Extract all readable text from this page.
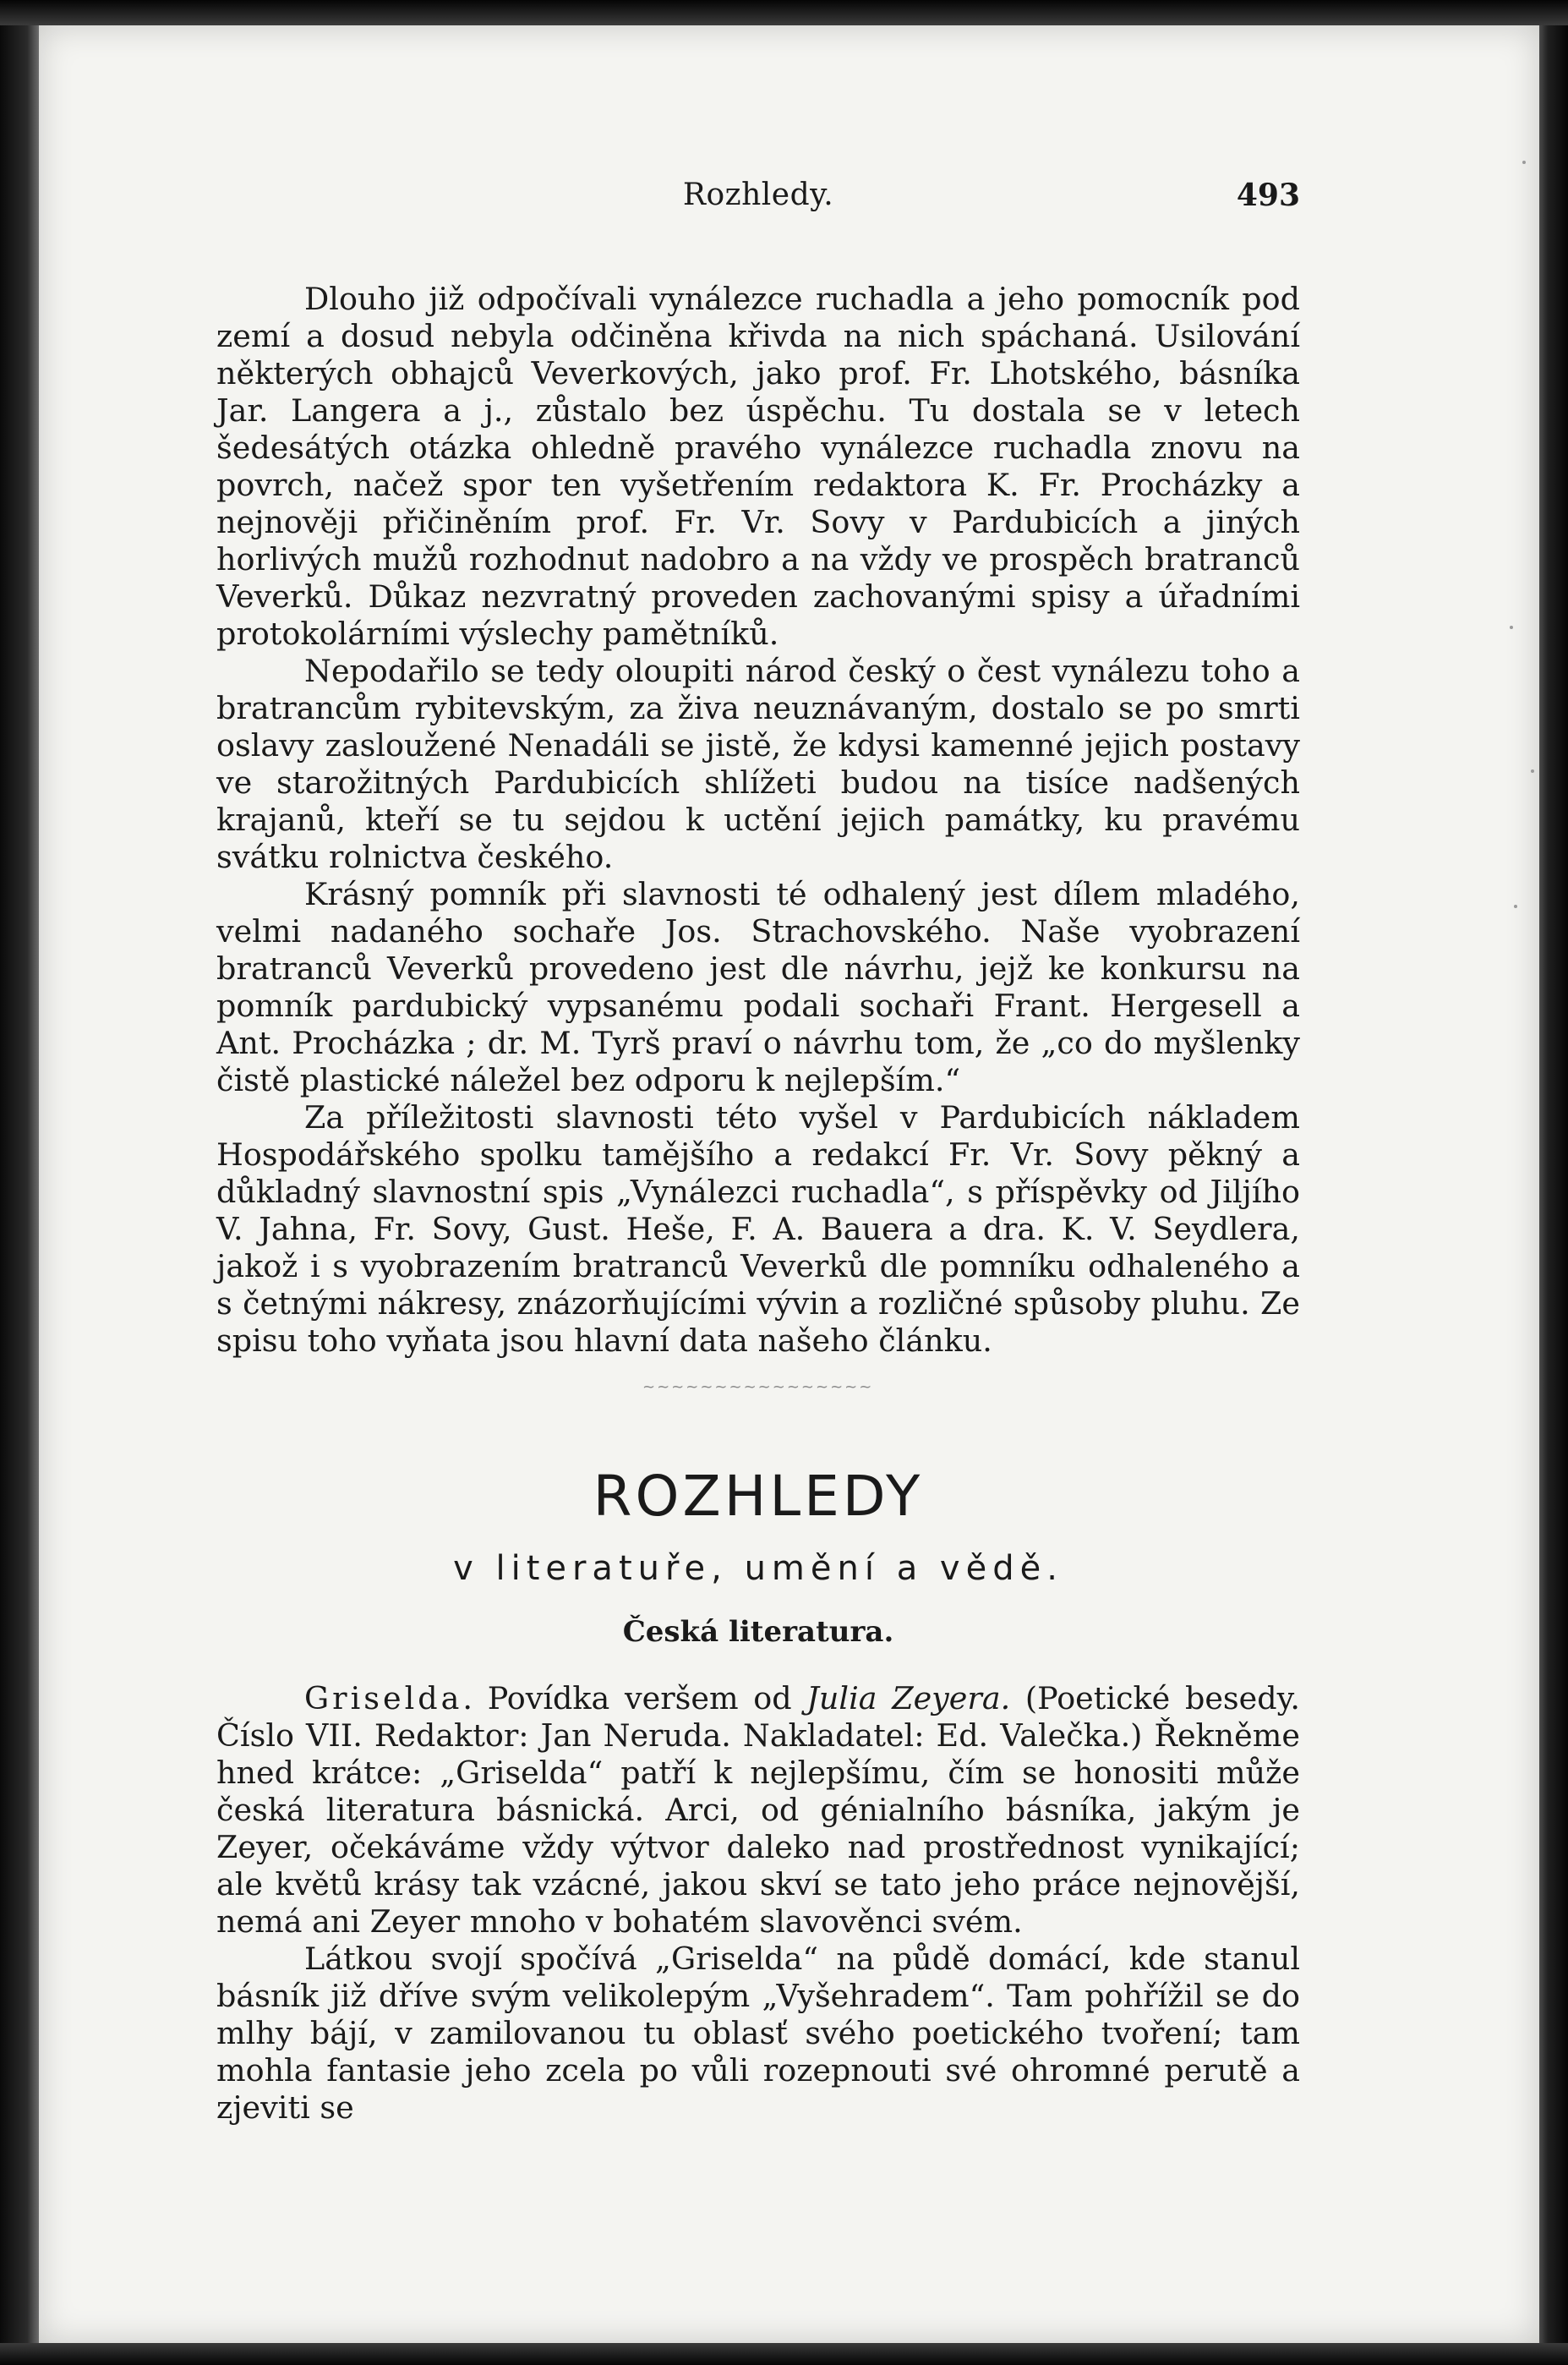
Rozhledy.	493

Dlouho již odpočívali vynálezce ruchadla a jeho pomocník pod zemí a dosud nebyla odčiněna křivda na nich spáchaná. Usilování některých obhajců Veverkových, jako prof. Fr. Lhotského, básníka Jar. Langera a j., zůstalo bez úspěchu. Tu dostala se v letech šedesátých otázka ohledně pravého vynálezce ruchadla znovu na povrch, načež spor ten vyšetřením redaktora K. Fr. Procházky a nejnověji přičiněním prof. Fr. Vr. Sovy v Pardubicích a jiných horlivých mužů rozhodnut nadobro a na vždy ve prospěch bratranců Veverků. Důkaz nezvratný proveden zachovanými spisy a úřadními protokolárními výslechy pamětníků.

Nepodařilo se tedy oloupiti národ český o čest vynálezu toho a bratrancům rybitevským, za živa neuznávaným, dostalo se po smrti oslavy zasloužené Nenadáli se jistě, že kdysi kamenné jejich postavy ve starožitných Pardubicích shlížeti budou na tisíce nadšených krajanů, kteří se tu sejdou k uctění jejich památky, ku pravému svátku rolnictva českého.

Krásný pomník při slavnosti té odhalený jest dílem mladého, velmi nadaného sochaře Jos. Strachovského. Naše vyobrazení bratranců Veverků provedeno jest dle návrhu, jejž ke konkursu na pomník pardubický vypsanému podali sochaři Frant. Hergesell a Ant. Procházka ; dr. M. Tyrš praví o návrhu tom, že „co do myšlenky čistě plastické náležel bez odporu k nejlepším.“

Za příležitosti slavnosti této vyšel v Pardubicích nákladem Hospodářského spolku tamějšího a redakcí Fr. Vr. Sovy pěkný a důkladný slavnostní spis „Vynálezci ruchadla“, s příspěvky od Jiljího V. Jahna, Fr. Sovy, Gust. Heše, F. A. Bauera a dra. K. V. Seydlera, jakož i s vyobrazením bratranců Veverků dle pomníku odhaleného a s četnými nákresy, znázorňujícími vývin a rozličné spůsoby pluhu. Ze spisu toho vyňata jsou hlavní data našeho článku.

~~~~~~~~~~~~~~~~
ROZHLEDY
v literatuře, umění a vědě.
Česká literatura.

Griselda. Povídka veršem od Julia Zeyera. (Poetické besedy. Číslo VII. Redaktor: Jan Neruda. Nakladatel: Ed. Valečka.) Řekněme hned krátce: „Griselda“ patří k nejlepšímu, čím se honositi může česká literatura básnická. Arci, od génialního básníka, jakým je Zeyer, očekáváme vždy výtvor daleko nad prostřednost vynikající; ale květů krásy tak vzácné, jakou skví se tato jeho práce nejnovější, nemá ani Zeyer mnoho v bohatém slavověnci svém.

Látkou svojí spočívá „Griselda“ na půdě domácí, kde stanul básník již dříve svým velikolepým „Vyšehradem“. Tam pohřížil se do mlhy bájí, v zamilovanou tu oblasť svého poetického tvoření; tam mohla fantasie jeho zcela po vůli rozepnouti své ohromné perutě a zjeviti se
